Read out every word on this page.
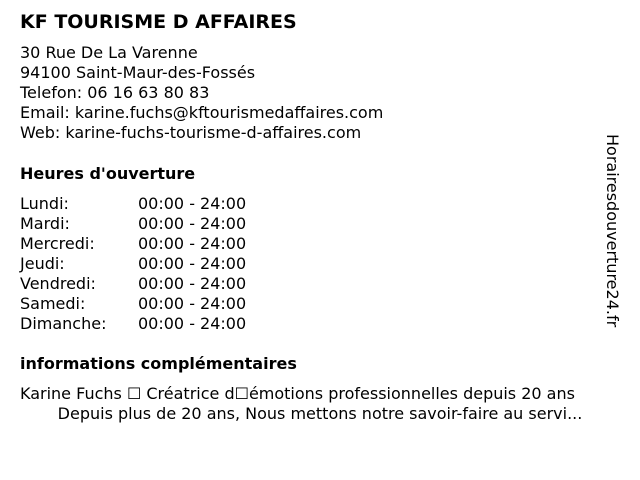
KF TOURISME D AFFAIRES
30 Rue De La Varenne
94100 Saint-Maur-des-Fossés
Telefon: 06 16 63 80 83
Email: karine.fuchs@kftourismedaffaires.com
Web: karine-fuchs-tourisme-d-affaires.com
Heures d'ouverture
Lundi:	00:00 - 24:00
Mardi:	00:00 - 24:00
Mercredi:	00:00 - 24:00
Jeudi:	00:00 - 24:00
Vendredi:	00:00 - 24:00
Samedi:	00:00 - 24:00
Dimanche: 00:00 - 24:00
informations complémentaires
Karine Fuchs ☐ Créatrice d☐émotions professionnelles depuis 20 ans
Depuis plus de 20 ans, Nous mettons notre savoir-faire au servi...
Horairesdouverture24.fr
